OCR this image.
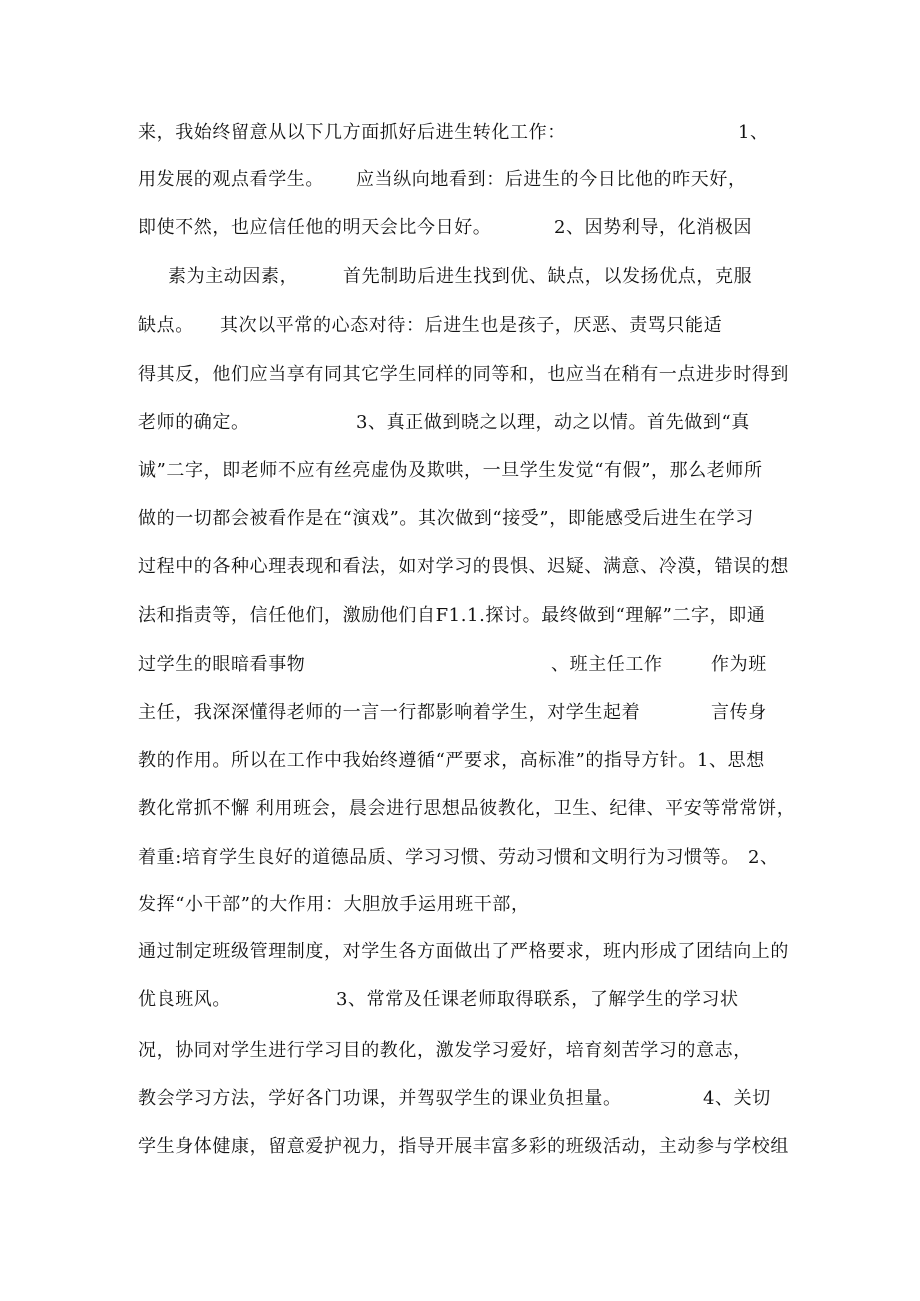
来，我始终留意从以下几方面抓好后进生转化工作：	1、
用发展的观点看学生。 应当纵向地看到：后进生的今日比他的昨天好，
即使不然，也应信任他的明天会比今日好。	2、因势利导，化消极因
素为主动因素， 首先制助后进生找到优、缺点，以发扬优点，克服
缺点。 其次以平常的心态对待：后进生也是孩子，厌恶、责骂只能适
得其反，他们应当享有同其它学生同样的同等和，也应当在稍有一点进步时得到
老师的确定。	3、真正做到晓之以理，动之以情。首先做到“真
诚”二字，即老师不应有丝亮虚伪及欺哄，一旦学生发觉“有假”，那么老师所
做的一切都会被看作是在“演戏”。其次做到“接受”，即能感受后进生在学习
过程中的各种心理表现和看法，如对学习的畏惧、迟疑、满意、冷漠，错误的想
法和指责等，信任他们，激励他们自F1.1.探讨。最终做到“理解”二字，即通
过学生的眼暗看事物	、班主任工作	作为班
主任，我深深懂得老师的一言一行都影响着学生，对学生起着	言传身
教的作用。所以在工作中我始终遵循“严要求，高标准”的指导方针。1、思想
教化常抓不懈 利用班会，晨会进行思想品彼教化，卫生、纪律、平安等常常饼，
着重:培育学生良好的道德品质、学习习惯、劳动习惯和文明行为习惯等。 2、
发挥“小干部”的大作用：大胆放手运用班干部，
通过制定班级管理制度，对学生各方面做出了严格要求，班内形成了团结向上的
优良班风。	3、常常及任课老师取得联系，了解学生的学习状
况，协同对学生进行学习目的教化，激发学习爱好，培育刻苦学习的意志，
教会学习方法，学好各门功课，并驾驭学生的课业负担量。	4、关切
学生身体健康，留意爱护视力，指导开展丰富多彩的班级活动，主动参与学校组
